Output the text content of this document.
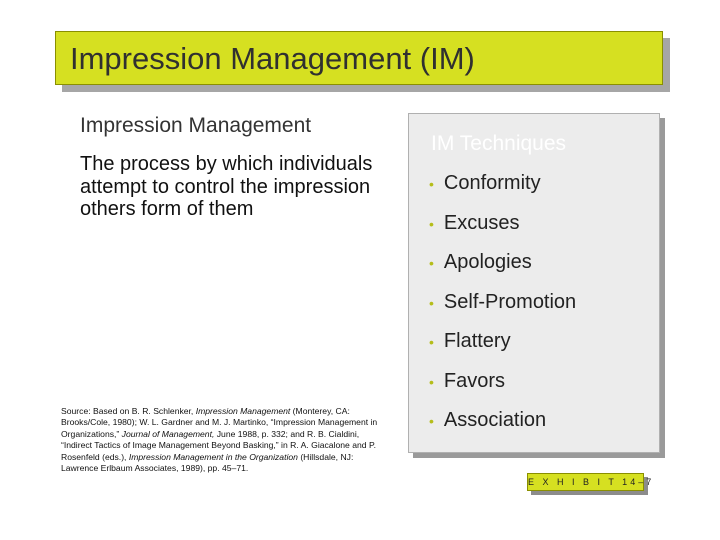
Impression Management (IM)
Impression Management
The process by which individuals attempt to control the impression others form of them
Source: Based on B. R. Schlenker, Impression Management (Monterey, CA: Brooks/Cole, 1980); W. L. Gardner and M. J. Martinko, “Impression Management in Organizations,” Journal of Management, June 1988, p. 332; and R. B. Cialdini, “Indirect Tactics of Image Management Beyond Basking,” in R. A. Giacalone and P. Rosenfeld (eds.), Impression Management in the Organization (Hillsdale, NJ: Lawrence Erlbaum Associates, 1989), pp. 45–71.
IM Techniques
• Conformity
• Excuses
• Apologies
• Self-Promotion
• Flattery
• Favors
• Association
E X H I B I T 14–7
